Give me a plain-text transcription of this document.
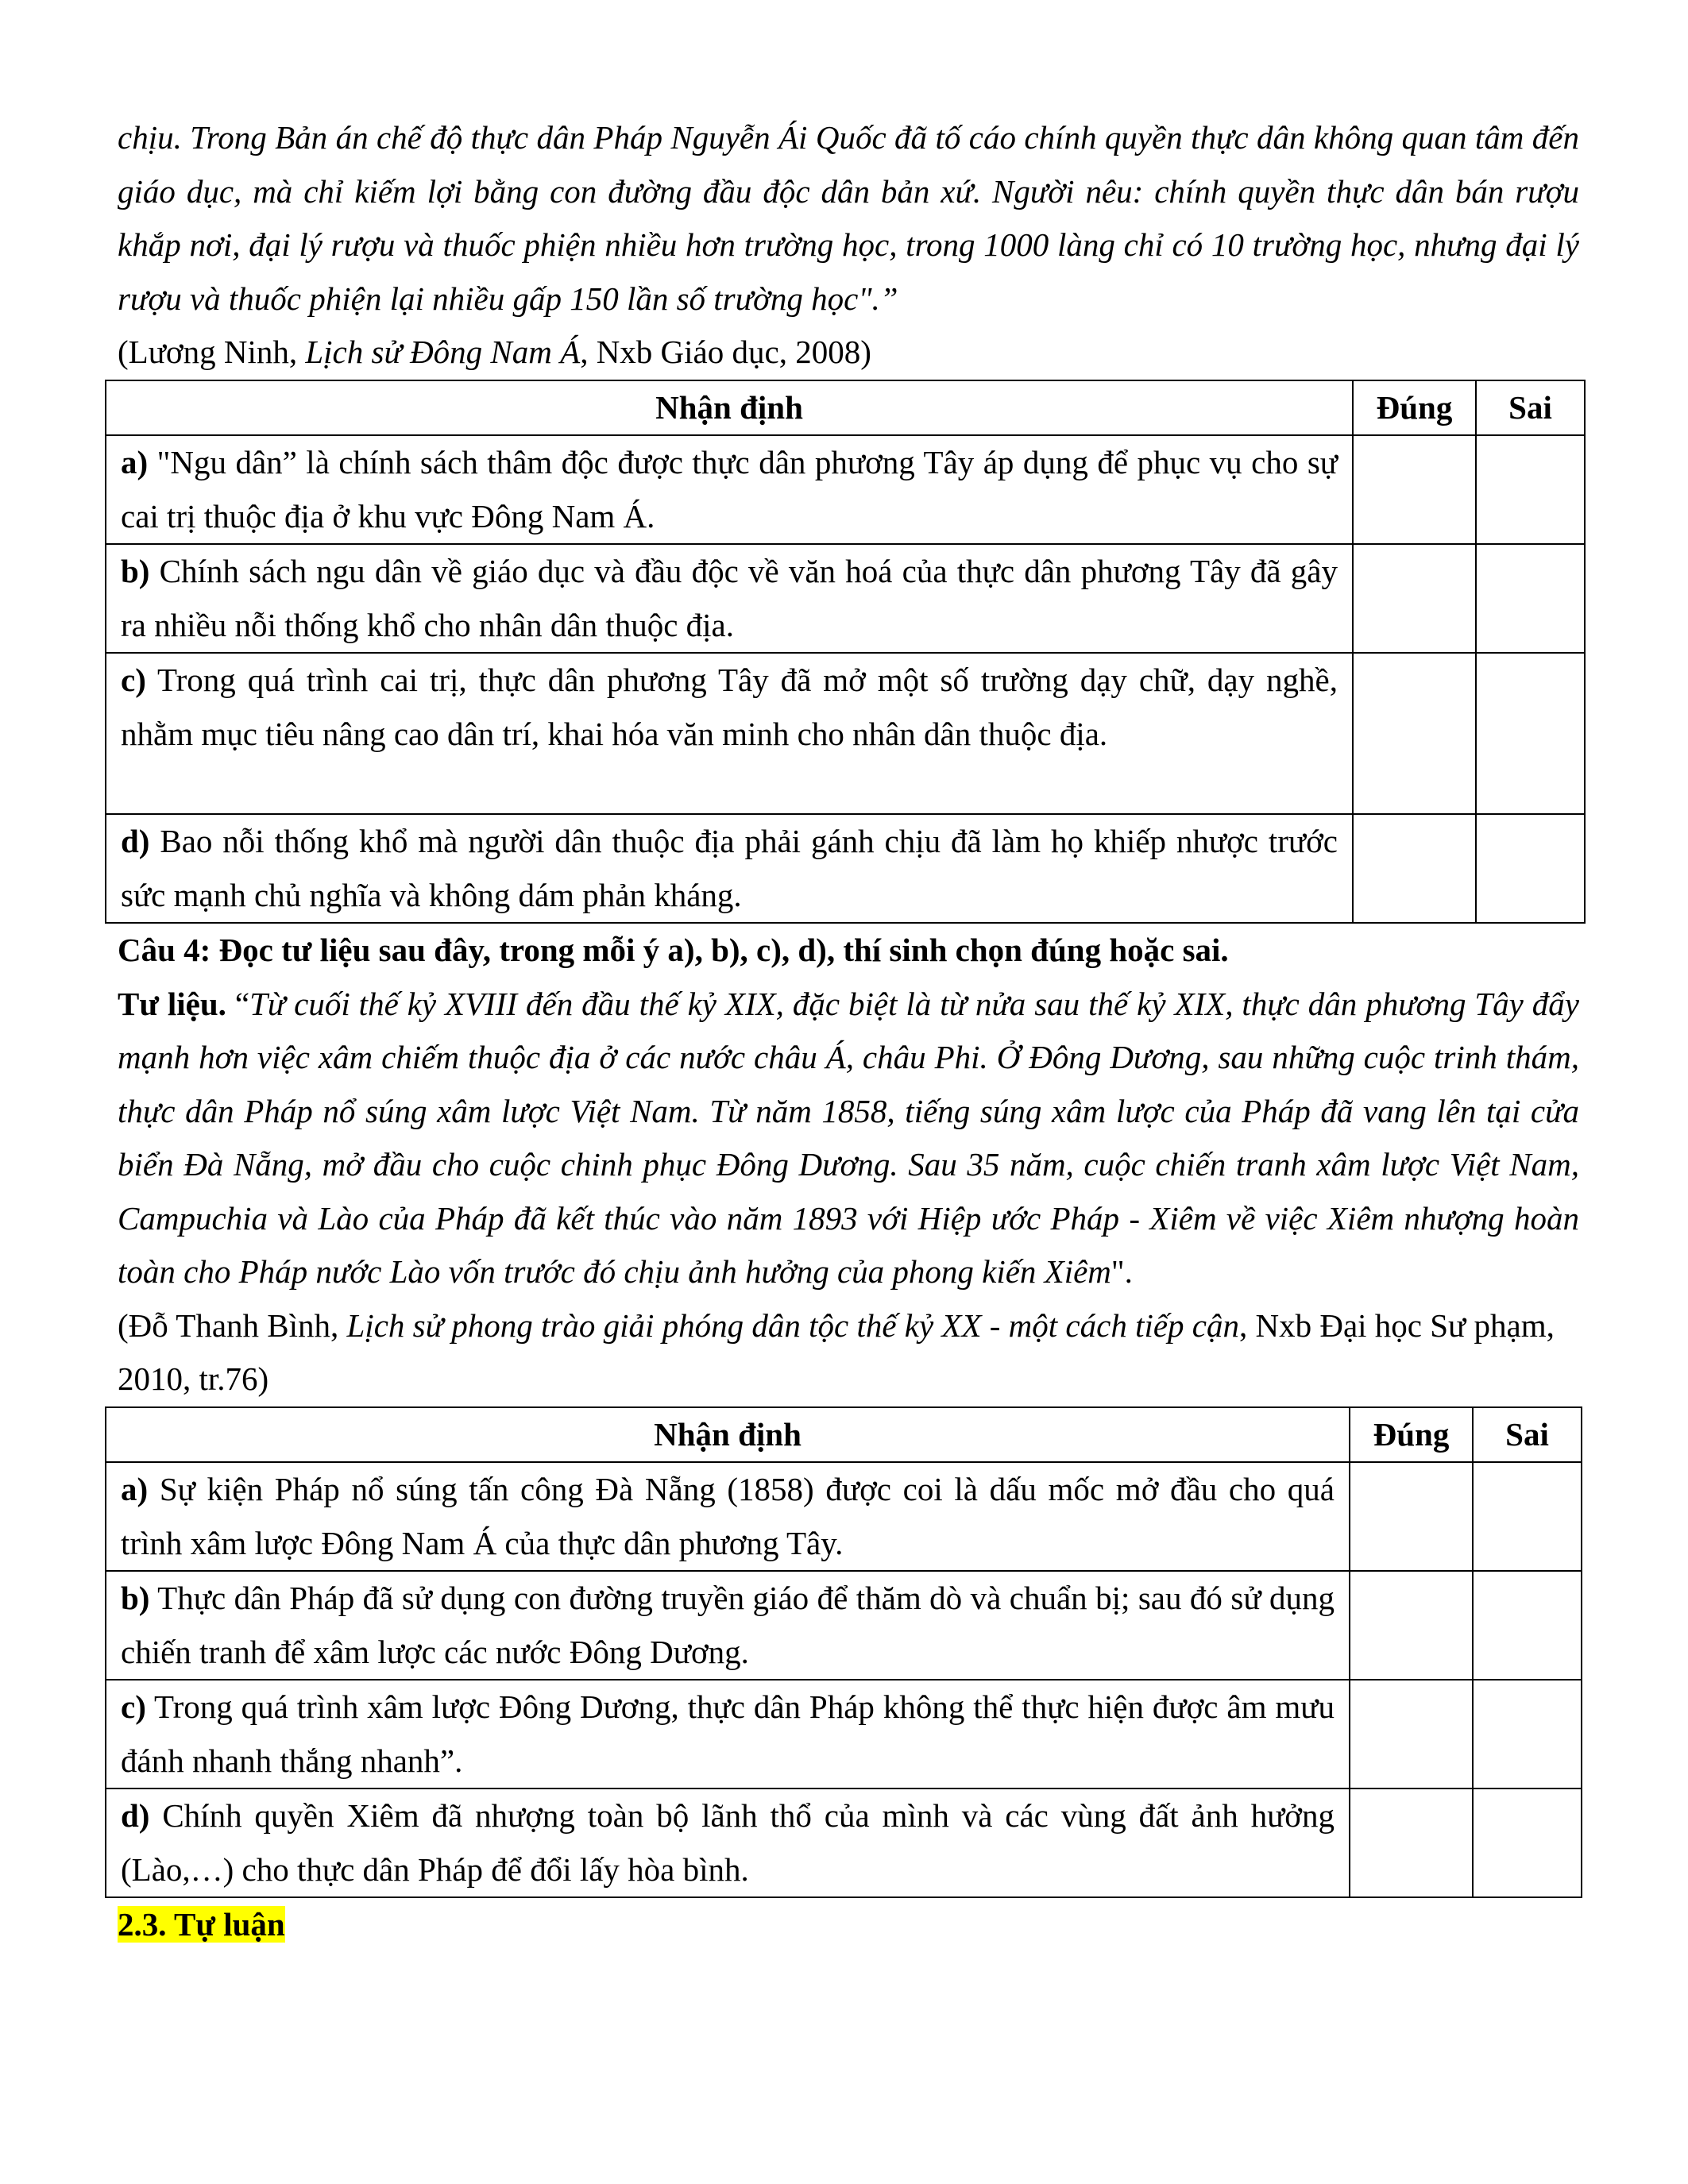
chịu. Trong Bản án chế độ thực dân Pháp Nguyễn Ái Quốc đã tố cáo chính quyền thực dân không quan tâm đến giáo dục, mà chỉ kiếm lợi bằng con đường đầu độc dân bản xứ. Người nêu: chính quyền thực dân bán rượu khắp nơi, đại lý rượu và thuốc phiện nhiều hơn trường học, trong 1000 làng chỉ có 10 trường học, nhưng đại lý rượu và thuốc phiện lại nhiều gấp 150 lần số trường học".”

(Lương Ninh, Lịch sử Đông Nam Á, Nxb Giáo dục, 2008)

Nhận định	Đúng	Sai
a) "Ngu dân” là chính sách thâm độc được thực dân phương Tây áp dụng để phục vụ cho sự cai trị thuộc địa ở khu vực Đông Nam Á.		
b) Chính sách ngu dân về giáo dục và đầu độc về văn hoá của thực dân phương Tây đã gây ra nhiều nỗi thống khổ cho nhân dân thuộc địa.		
c) Trong quá trình cai trị, thực dân phương Tây đã mở một số trường dạy chữ, dạy nghề, nhằm mục tiêu nâng cao dân trí, khai hóa văn minh cho nhân dân thuộc địa.		
d) Bao nỗi thống khổ mà người dân thuộc địa phải gánh chịu đã làm họ khiếp nhược trước sức mạnh chủ nghĩa và không dám phản kháng.		

Câu 4: Đọc tư liệu sau đây, trong mỗi ý a), b), c), d), thí sinh chọn đúng hoặc sai.

Tư liệu. “Từ cuối thế kỷ XVIII đến đầu thế kỷ XIX, đặc biệt là từ nửa sau thế kỷ XIX, thực dân phương Tây đẩy mạnh hơn việc xâm chiếm thuộc địa ở các nước châu Á, châu Phi. Ở Đông Dương, sau những cuộc trinh thám, thực dân Pháp nổ súng xâm lược Việt Nam. Từ năm 1858, tiếng súng xâm lược của Pháp đã vang lên tại cửa biển Đà Nẵng, mở đầu cho cuộc chinh phục Đông Dương. Sau 35 năm, cuộc chiến tranh xâm lược Việt Nam, Campuchia và Lào của Pháp đã kết thúc vào năm 1893 với Hiệp ước Pháp - Xiêm về việc Xiêm nhượng hoàn toàn cho Pháp nước Lào vốn trước đó chịu ảnh hưởng của phong kiến Xiêm".

(Đỗ Thanh Bình, Lịch sử phong trào giải phóng dân tộc thế kỷ XX - một cách tiếp cận, Nxb Đại học Sư phạm, 2010, tr.76)

Nhận định	Đúng	Sai
a) Sự kiện Pháp nổ súng tấn công Đà Nẵng (1858) được coi là dấu mốc mở đầu cho quá trình xâm lược Đông Nam Á của thực dân phương Tây.		
b) Thực dân Pháp đã sử dụng con đường truyền giáo để thăm dò và chuẩn bị; sau đó sử dụng chiến tranh để xâm lược các nước Đông Dương.		
c) Trong quá trình xâm lược Đông Dương, thực dân Pháp không thể thực hiện được âm mưu đánh nhanh thắng nhanh”.		
d) Chính quyền Xiêm đã nhượng toàn bộ lãnh thổ của mình và các vùng đất ảnh hưởng (Lào,…) cho thực dân Pháp để đổi lấy hòa bình.		

2.3. Tự luận
